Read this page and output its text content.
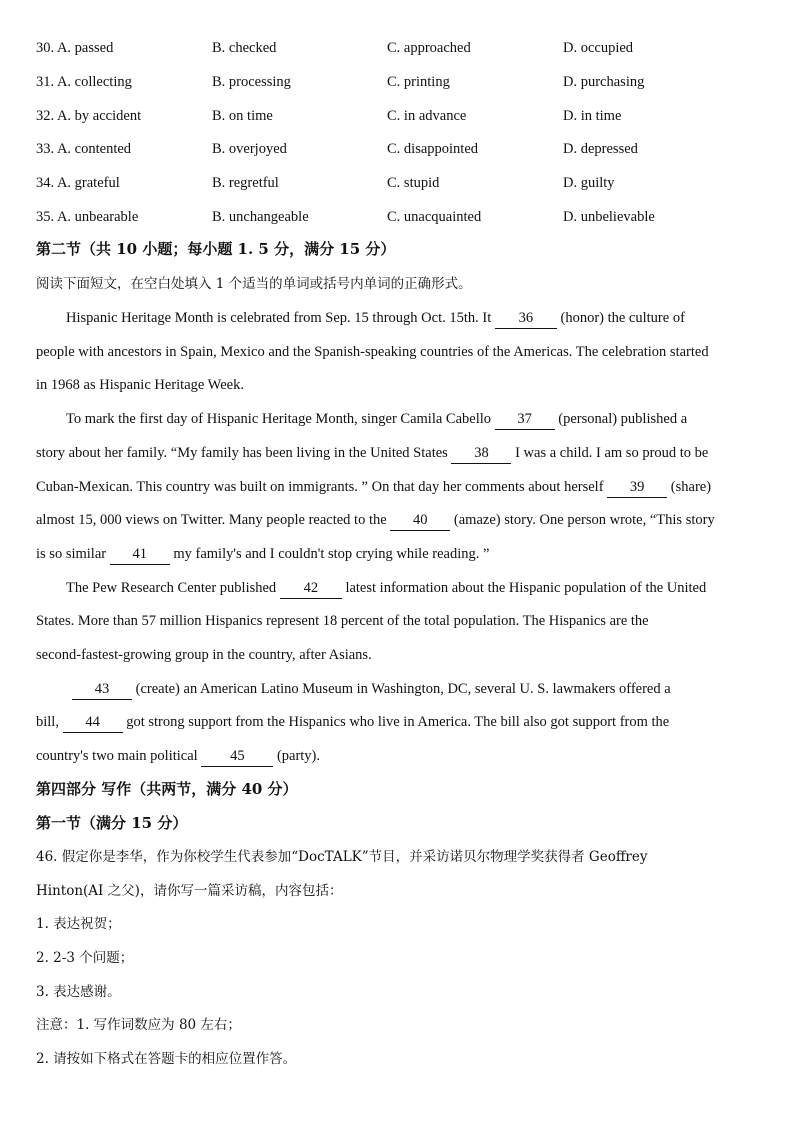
30. A. passed	B. checked	C. approached	D. occupied
31. A. collecting	B. processing	C. printing	D. purchasing
32. A. by accident	B. on time	C. in advance	D. in time
33. A. contented	B. overjoyed	C. disappointed	D. depressed
34. A. grateful	B. regretful	C. stupid	D. guilty
35. A. unbearable	B. unchangeable	C. unacquainted	D. unbelievable
第二节（共 10 小题；每小题 1. 5 分，满分 15 分）
阅读下面短文，在空白处填入 1 个适当的单词或括号内单词的正确形式。
Hispanic Heritage Month is celebrated from Sep. 15 through Oct. 15th. It 36 (honor) the culture of
people with ancestors in Spain, Mexico and the Spanish-speaking countries of the Americas. The celebration started
in 1968 as Hispanic Heritage Week.
To mark the first day of Hispanic Heritage Month, singer Camila Cabello 37 (personal) published a
story about her family. “My family has been living in the United States 38 I was a child. I am so proud to be
Cuban-Mexican. This country was built on immigrants. ” On that day her comments about herself 39 (share)
almost 15, 000 views on Twitter. Many people reacted to the 40 (amaze) story. One person wrote, “This story
is so similar 41 my family's and I couldn't stop crying while reading. ”
The Pew Research Center published 42 latest information about the Hispanic population of the United
States. More than 57 million Hispanics represent 18 percent of the total population. The Hispanics are the
second-fastest-growing group in the country, after Asians.
43 (create) an American Latino Museum in Washington, DC, several U. S. lawmakers offered a
bill, 44 got strong support from the Hispanics who live in America. The bill also got support from the
country's two main political 45 (party).
第四部分 写作（共两节，满分 40 分）
第一节（满分 15 分）
46. 假定你是李华，作为你校学生代表参加“DocTALK”节目，并采访诺贝尔物理学奖获得者 Geoffrey
Hinton(AI 之父)，请你写一篇采访稿，内容包括：
1. 表达祝贺；
2. 2-3 个问题；
3. 表达感谢。
注意：1. 写作词数应为 80 左右；
2. 请按如下格式在答题卡的相应位置作答。
